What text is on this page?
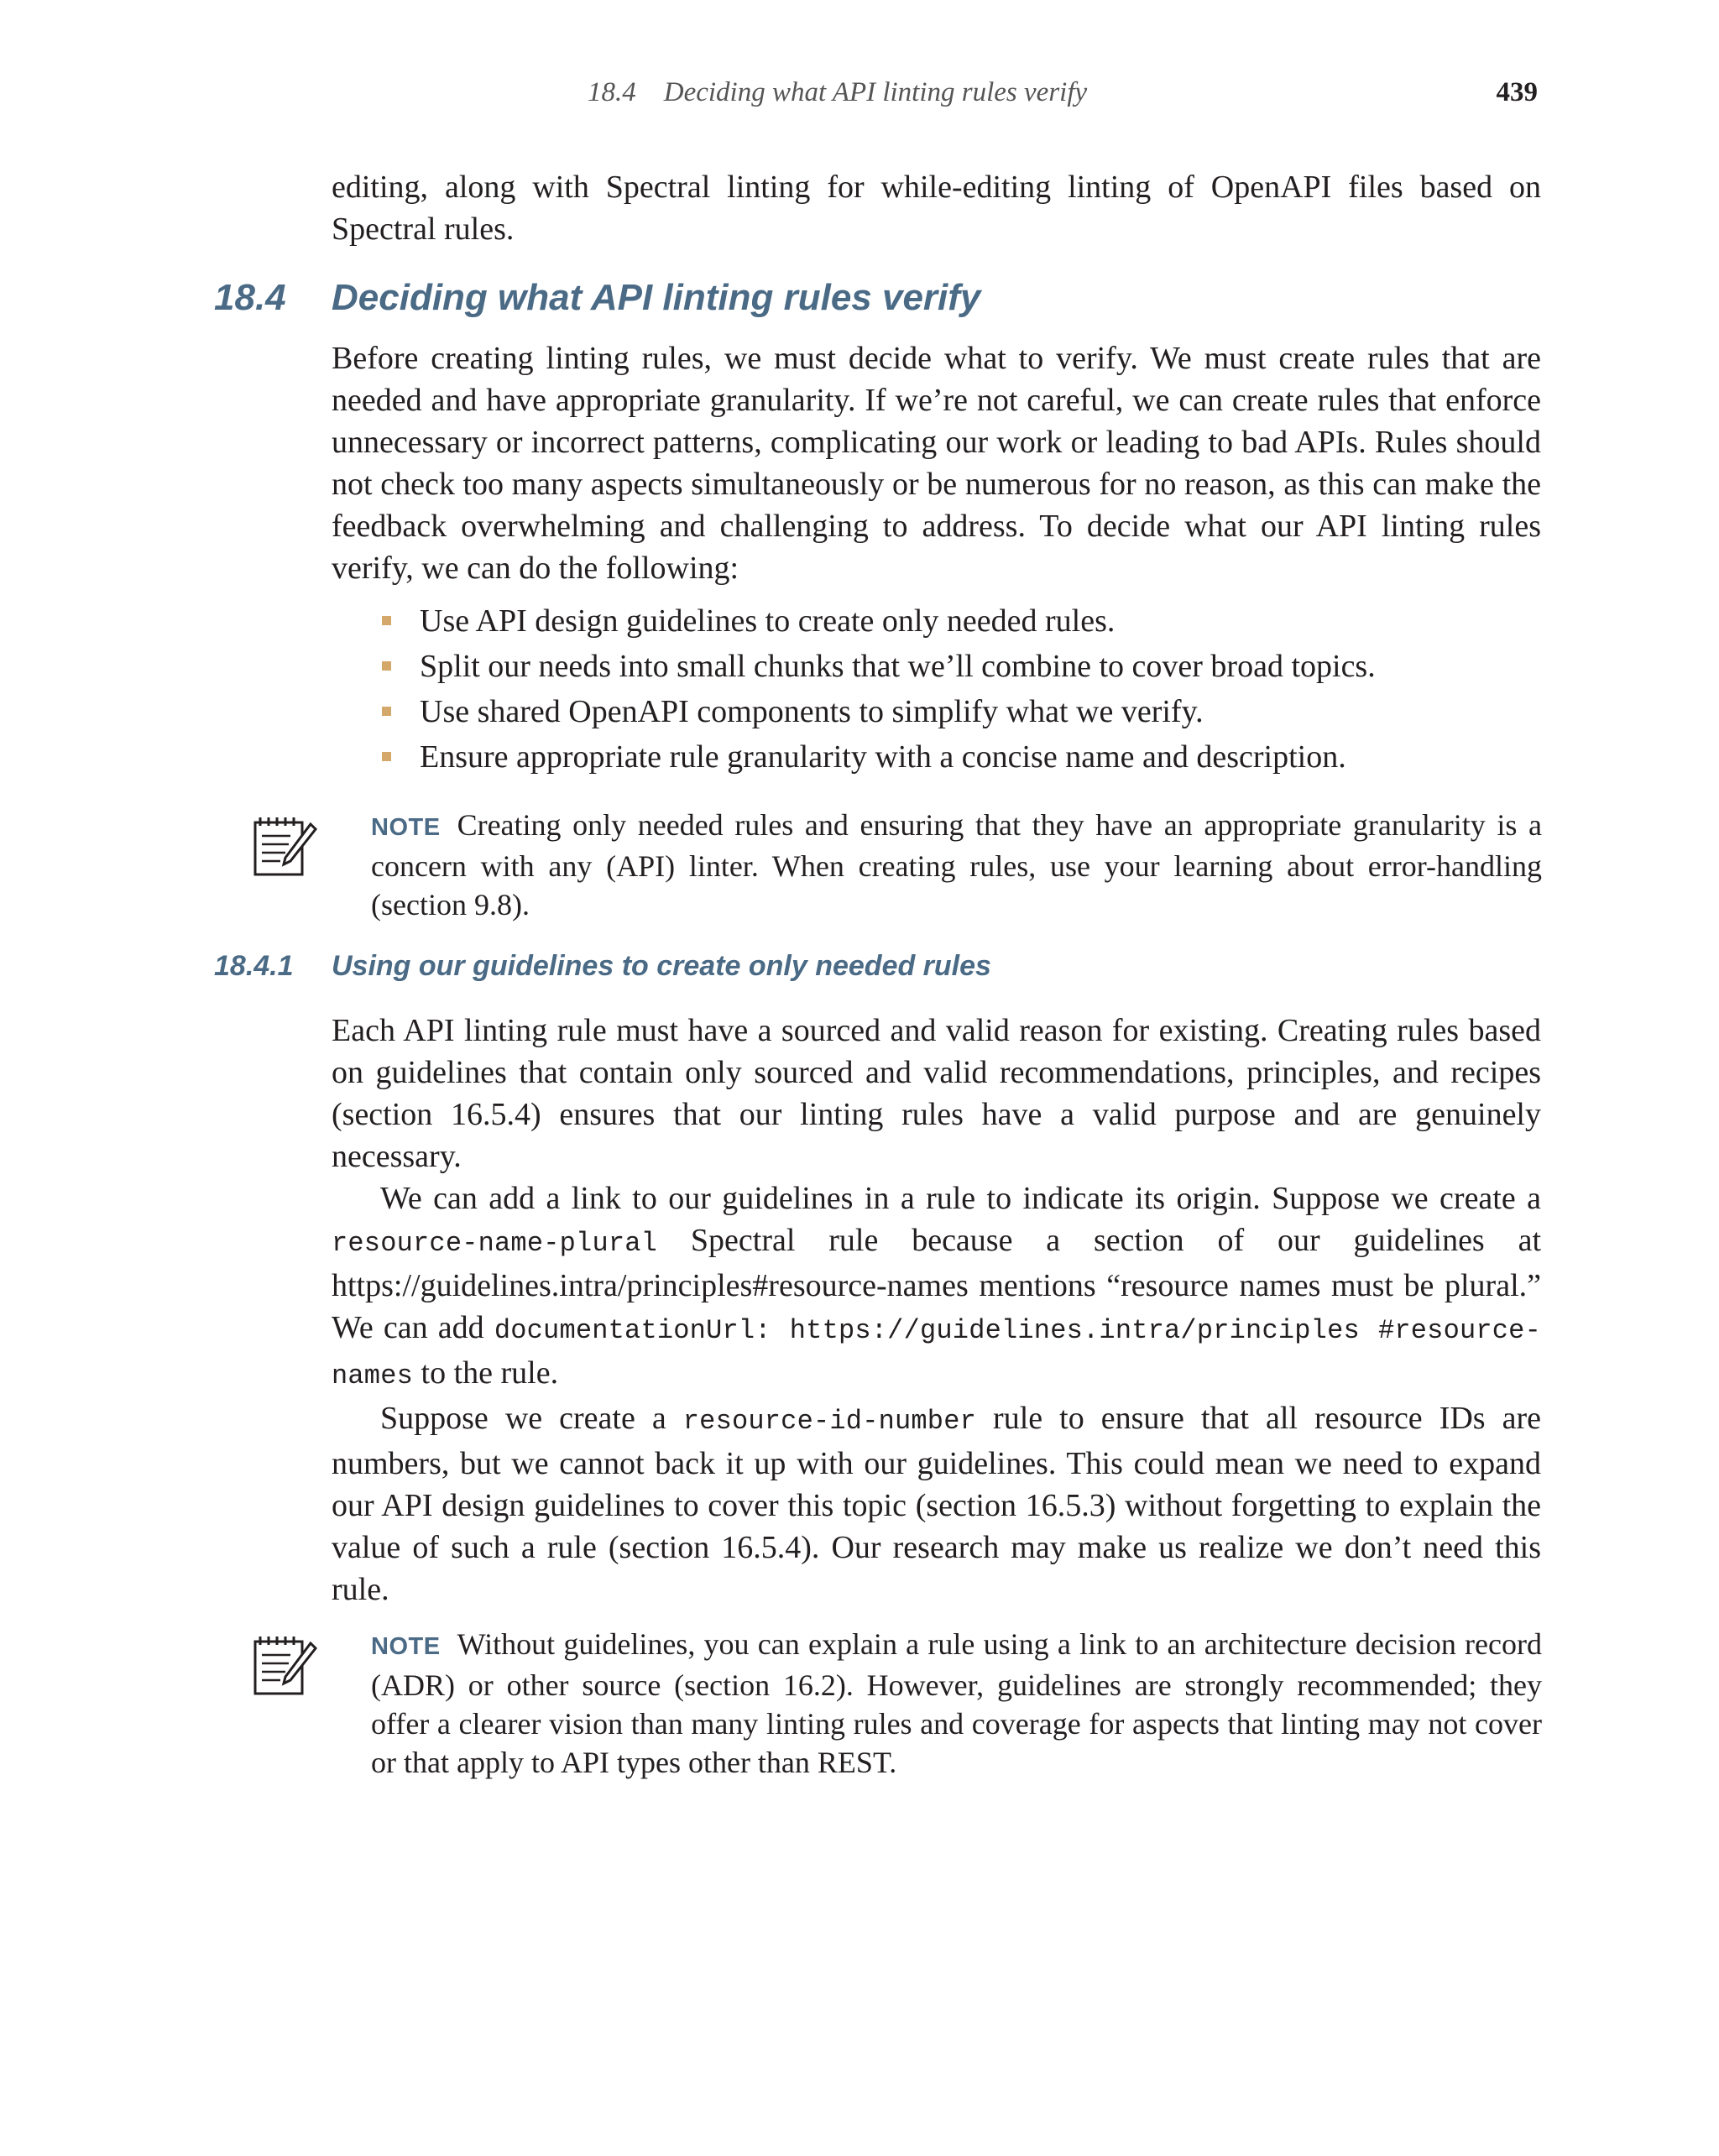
18.4    Deciding what API linting rules verify	439

editing, along with Spectral linting for while-editing linting of OpenAPI files based on Spectral rules.

18.4 Deciding what API linting rules verify

Before creating linting rules, we must decide what to verify. We must create rules that are needed and have appropriate granularity. If we’re not careful, we can create rules that enforce unnecessary or incorrect patterns, complicating our work or leading to bad APIs. Rules should not check too many aspects simultaneously or be numerous for no reason, as this can make the feedback overwhelming and challenging to address. To decide what our API linting rules verify, we can do the following:

Use API design guidelines to create only needed rules.
Split our needs into small chunks that we’ll combine to cover broad topics.
Use shared OpenAPI components to simplify what we verify.
Ensure appropriate rule granularity with a concise name and description.
NOTE Creating only needed rules and ensuring that they have an appropriate granularity is a concern with any (API) linter. When creating rules, use your learning about error-handling (section 9.8).
18.4.1 Using our guidelines to create only needed rules

Each API linting rule must have a sourced and valid reason for existing. Creating rules based on guidelines that contain only sourced and valid recommendations, principles, and recipes (section 16.5.4) ensures that our linting rules have a valid purpose and are genuinely necessary.

We can add a link to our guidelines in a rule to indicate its origin. Suppose we create a resource-name-plural Spectral rule because a section of our guidelines at https://guidelines.intra/principles#resource-names mentions “resource names must be plural.” We can add documentationUrl: https://guidelines.intra/principles #resource-names to the rule.

Suppose we create a resource-id-number rule to ensure that all resource IDs are numbers, but we cannot back it up with our guidelines. This could mean we need to expand our API design guidelines to cover this topic (section 16.5.3) without forgetting to explain the value of such a rule (section 16.5.4). Our research may make us realize we don’t need this rule.

NOTE Without guidelines, you can explain a rule using a link to an architecture decision record (ADR) or other source (section 16.2). However, guidelines are strongly recommended; they offer a clearer vision than many linting rules and coverage for aspects that linting may not cover or that apply to API types other than REST.
